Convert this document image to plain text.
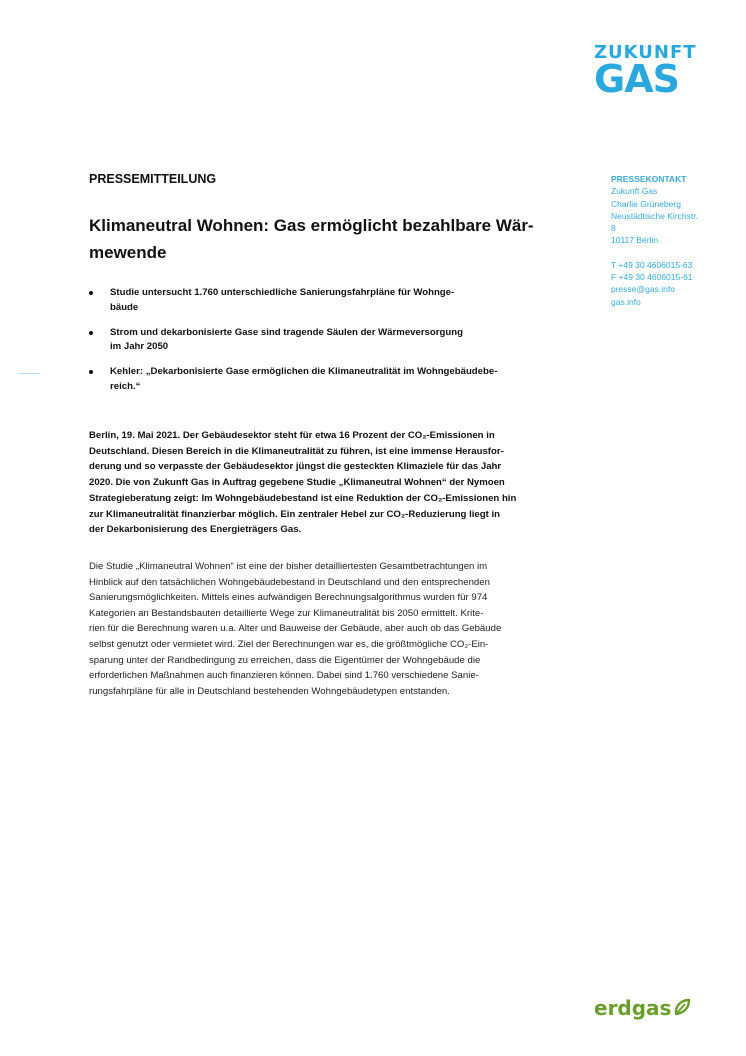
ZUKUNFT
GAS
PRESSEKONTAKT
Zukunft Gas
Charlie Grüneberg
Neustädtische Kirchstr.
8
10117 Berlin
T +49 30 4606015-63
F +49 30 4606015-61
presse@gas.info
gas.info
PRESSEMITTEILUNG
Klimaneutral Wohnen: Gas ermöglicht bezahlbare Wär-
mewende
Studie untersucht 1.760 unterschiedliche Sanierungsfahrpläne für Wohnge-
bäude
Strom und dekarbonisierte Gase sind tragende Säulen der Wärmeversorgung
im Jahr 2050
Kehler: „Dekarbonisierte Gase ermöglichen die Klimaneutralität im Wohngebäudebe-
reich.“
Berlin, 19. Mai 2021. Der Gebäudesektor steht für etwa 16 Prozent der CO₂-Emissionen in
Deutschland. Diesen Bereich in die Klimaneutralität zu führen, ist eine immense Herausfor-
derung und so verpasste der Gebäudesektor jüngst die gesteckten Klimaziele für das Jahr
2020. Die von Zukunft Gas in Auftrag gegebene Studie „Klimaneutral Wohnen“ der Nymoen
Strategieberatung zeigt: Im Wohngebäudebestand ist eine Reduktion der CO₂-Emissionen hin
zur Klimaneutralität finanzierbar möglich. Ein zentraler Hebel zur CO₂-Reduzierung liegt in
der Dekarbonisierung des Energieträgers Gas.
Die Studie „Klimaneutral Wohnen“ ist eine der bisher detailliertesten Gesamtbetrachtungen im
Hinblick auf den tatsächlichen Wohngebäudebestand in Deutschland und den entsprechenden
Sanierungsmöglichkeiten. Mittels eines aufwändigen Berechnungsalgorithmus wurden für 974
Kategorien an Bestandsbauten detaillierte Wege zur Klimaneutralität bis 2050 ermittelt. Krite-
rien für die Berechnung waren u.a. Alter und Bauweise der Gebäude, aber auch ob das Gebäude
selbst genutzt oder vermietet wird. Ziel der Berechnungen war es, die größtmögliche CO₂-Ein-
sparung unter der Randbedingung zu erreichen, dass die Eigentümer der Wohngebäude die
erforderlichen Maßnahmen auch finanzieren können. Dabei sind 1.760 verschiedene Sanie-
rungsfahrpläne für alle in Deutschland bestehenden Wohngebäudetypen entstanden.
erdgas
